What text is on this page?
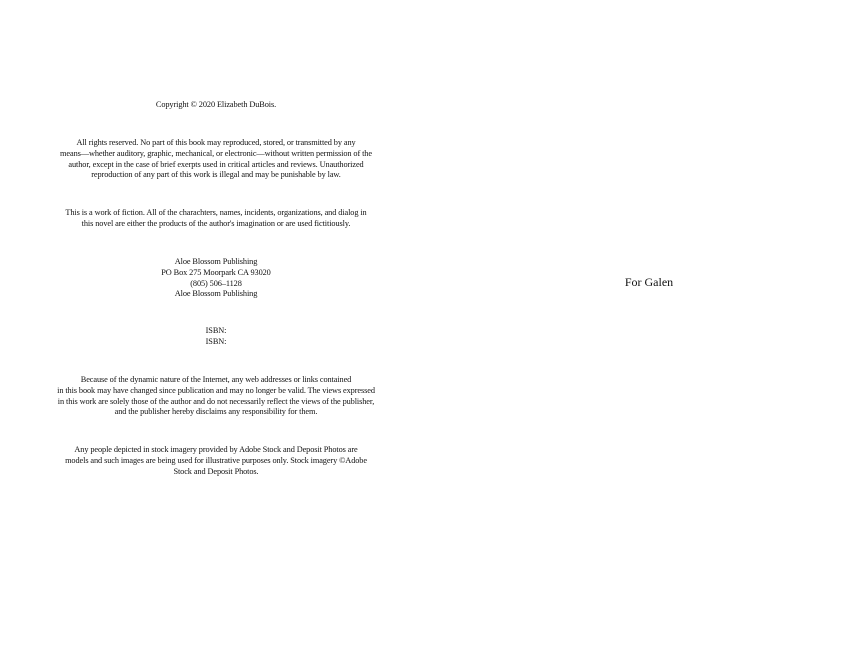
Copyright © 2020 Elizabeth DuBois.
All rights reserved. No part of this book may reproduced, stored, or transmitted by any
means—whether auditory, graphic, mechanical, or electronic—without written permission of the
author, except in the case of brief exerpts used in critical articles and reviews. Unauthorized
reproduction of any part of this work is illegal and may be punishable by law.
This is a work of fiction. All of the charachters, names, incidents, organizations, and dialog in
this novel are either the products of the author's imagination or are used fictitiously.
Aloe Blossom Publishing
PO Box 275 Moorpark CA 93020
(805) 506–1128
Aloe Blossom Publishing
ISBN:
ISBN:
Because of the dynamic nature of the Internet, any web addresses or links contained
in this book may have changed since publication and may no longer be valid. The views expressed
in this work are solely those of the author and do not necessarily reflect the views of the publisher,
and the publisher hereby disclaims any responsibility for them.
Any people depicted in stock imagery provided by Adobe Stock and Deposit Photos are
models and such images are being used for illustrative purposes only. Stock imagery ©Adobe
Stock and Deposit Photos.
For Galen
